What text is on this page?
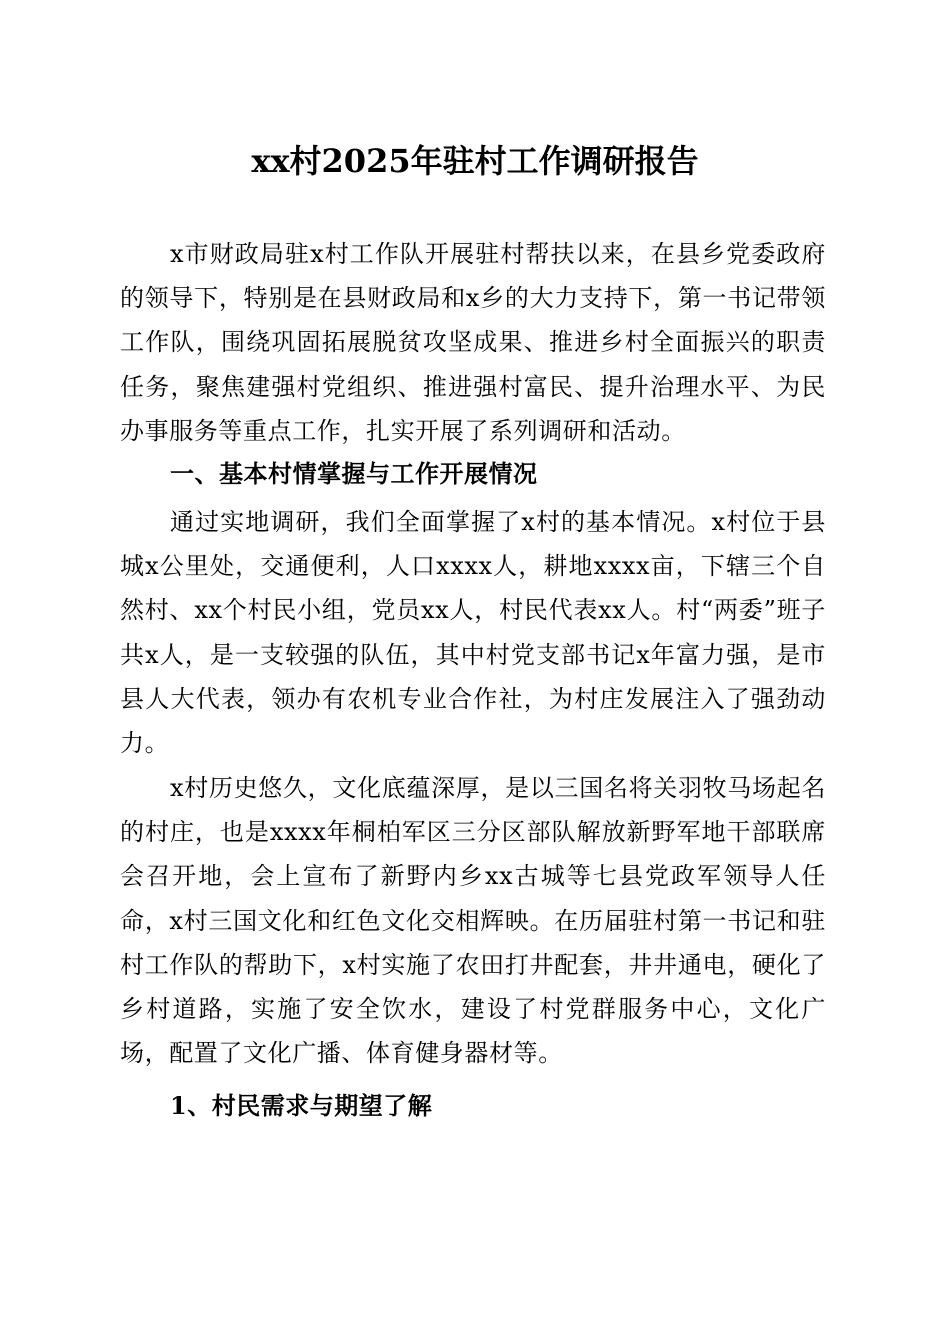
xx村2025年驻村工作调研报告

x市财政局驻x村工作队开展驻村帮扶以来，在县乡党委政府的领导下，特别是在县财政局和x乡的大力支持下，第一书记带领工作队，围绕巩固拓展脱贫攻坚成果、推进乡村全面振兴的职责任务，聚焦建强村党组织、推进强村富民、提升治理水平、为民办事服务等重点工作，扎实开展了系列调研和活动。

一、基本村情掌握与工作开展情况

通过实地调研，我们全面掌握了x村的基本情况。x村位于县城x公里处，交通便利，人口xxxx人，耕地xxxx亩，下辖三个自然村、xx个村民小组，党员xx人，村民代表xx人。村“两委”班子共x人，是一支较强的队伍，其中村党支部书记x年富力强，是市县人大代表，领办有农机专业合作社，为村庄发展注入了强劲动力。

x村历史悠久，文化底蕴深厚，是以三国名将关羽牧马场起名的村庄，也是xxxx年桐柏军区三分区部队解放新野军地干部联席会召开地，会上宣布了新野内乡xx古城等七县党政军领导人任命，x村三国文化和红色文化交相辉映。在历届驻村第一书记和驻村工作队的帮助下，x村实施了农田打井配套，井井通电，硬化了乡村道路，实施了安全饮水，建设了村党群服务中心，文化广场，配置了文化广播、体育健身器材等。

1、村民需求与期望了解
